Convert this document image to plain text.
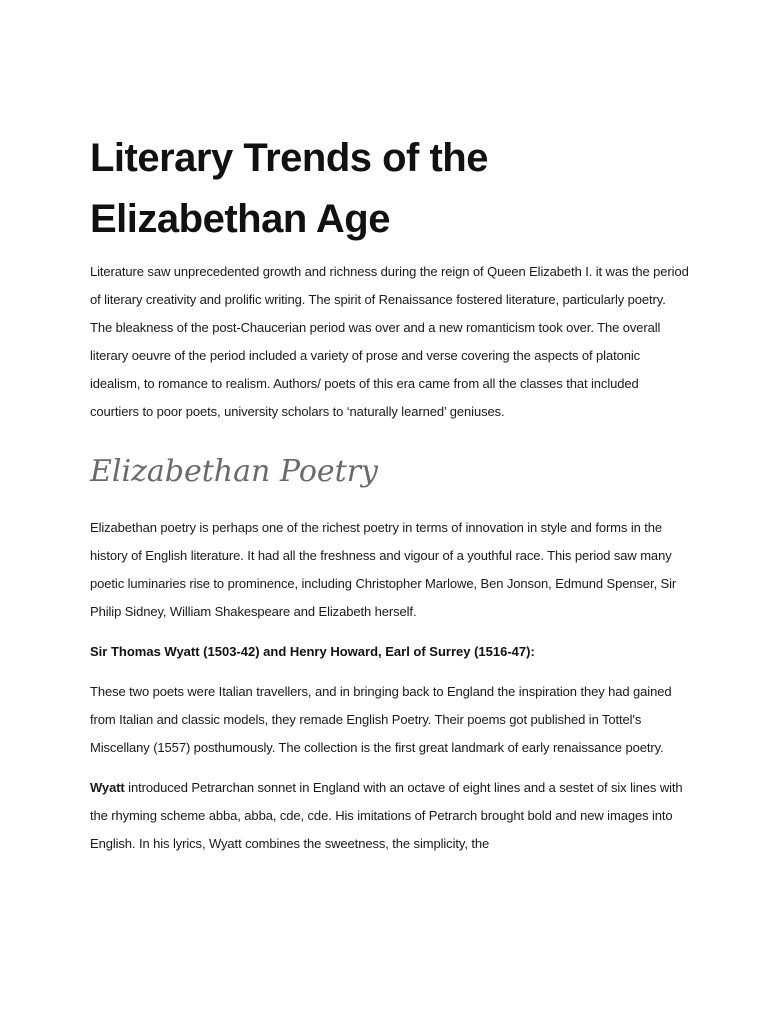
Literary Trends of the
Elizabethan Age

Literature saw unprecedented growth and richness during the reign of Queen Elizabeth I. it was the period of literary creativity and prolific writing. The spirit of Renaissance fostered literature, particularly poetry. The bleakness of the post-Chaucerian period was over and a new romanticism took over. The overall literary oeuvre of the period included a variety of prose and verse covering the aspects of platonic idealism, to romance to realism. Authors/ poets of this era came from all the classes that included courtiers to poor poets, university scholars to ‘naturally learned’ geniuses.

Elizabethan Poetry

Elizabethan poetry is perhaps one of the richest poetry in terms of innovation in style and forms in the history of English literature. It had all the freshness and vigour of a youthful race. This period saw many poetic luminaries rise to prominence, including Christopher Marlowe, Ben Jonson, Edmund Spenser, Sir Philip Sidney, William Shakespeare and Elizabeth herself.

Sir Thomas Wyatt (1503-42) and Henry Howard, Earl of Surrey (1516-47):

These two poets were Italian travellers, and in bringing back to England the inspiration they had gained from Italian and classic models, they remade English Poetry. Their poems got published in Tottel's Miscellany (1557) posthumously. The collection is the first great landmark of early renaissance poetry.

Wyatt introduced Petrarchan sonnet in England with an octave of eight lines and a sestet of six lines with the rhyming scheme abba, abba, cde, cde. His imitations of Petrarch brought bold and new images into English. In his lyrics, Wyatt combines the sweetness, the simplicity, the
